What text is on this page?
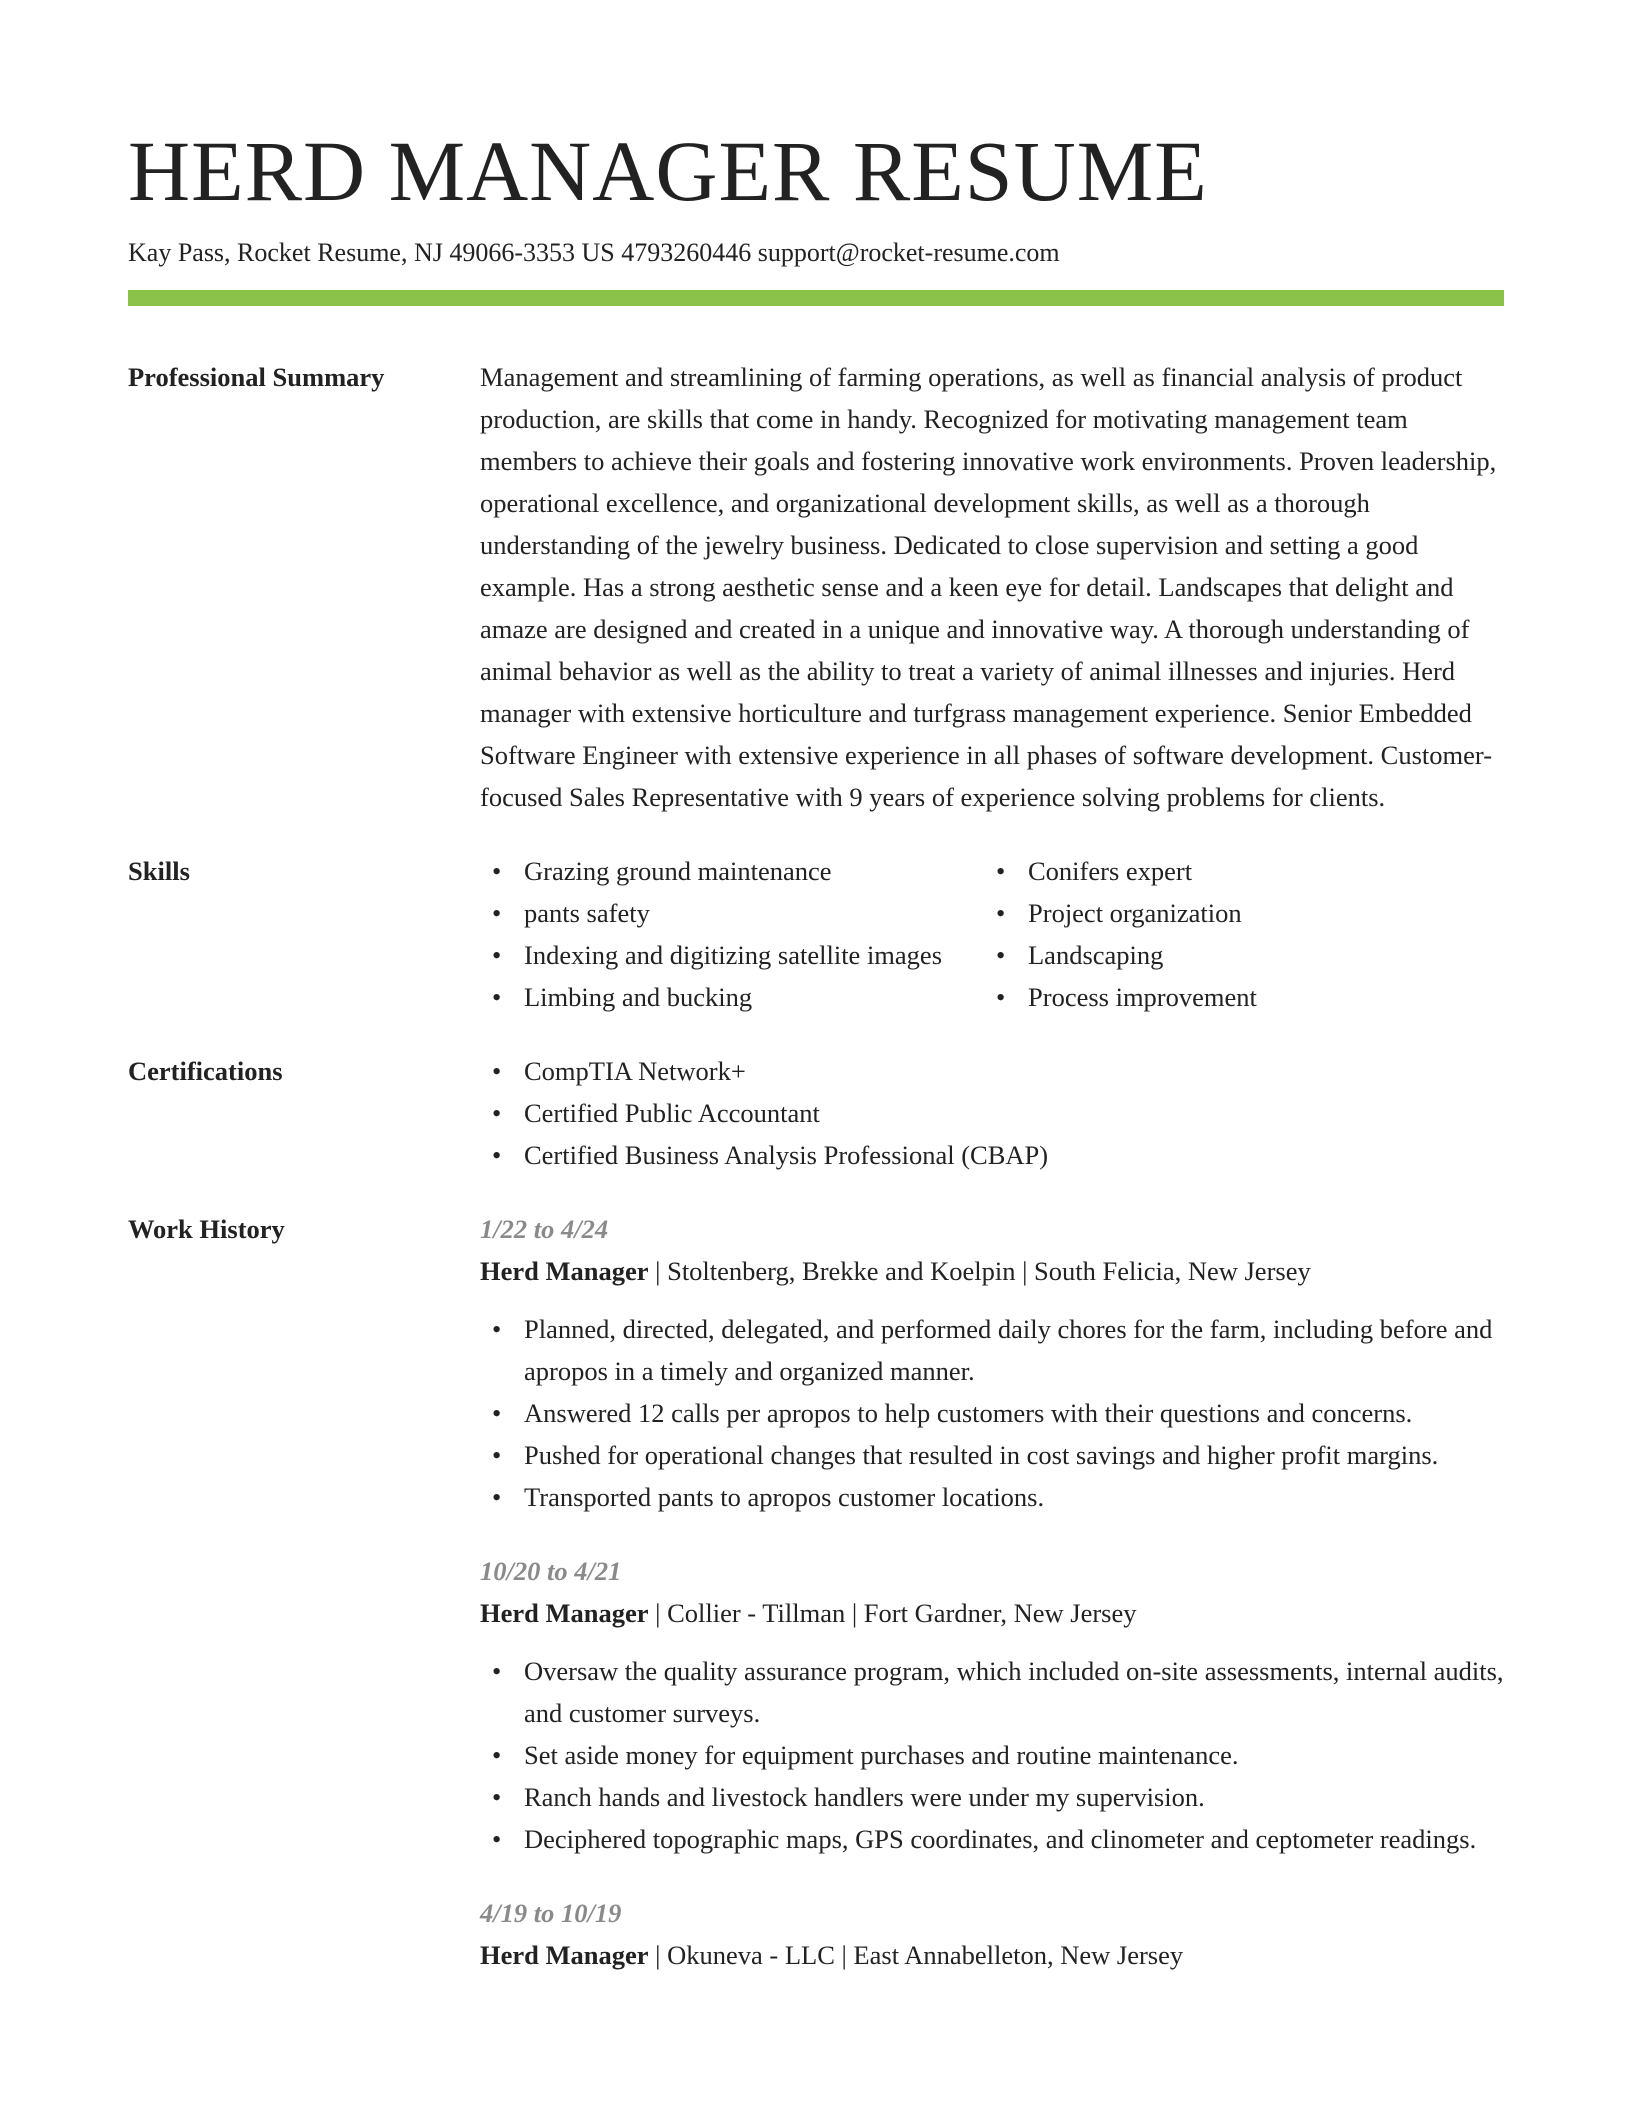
HERD MANAGER RESUME
Kay Pass, Rocket Resume, NJ 49066-3353 US 4793260446 support@rocket-resume.com
Professional Summary	Management and streamlining of farming operations, as well as financial analysis of product production, are skills that come in handy. Recognized for motivating management team members to achieve their goals and fostering innovative work environments. Proven leadership, operational excellence, and organizational development skills, as well as a thorough understanding of the jewelry business. Dedicated to close supervision and setting a good example. Has a strong aesthetic sense and a keen eye for detail. Landscapes that delight and amaze are designed and created in a unique and innovative way. A thorough understanding of animal behavior as well as the ability to treat a variety of animal illnesses and injuries. Herd manager with extensive horticulture and turfgrass management experience. Senior Embedded Software Engineer with extensive experience in all phases of software development. Customer-focused Sales Representative with 9 years of experience solving problems for clients.
Skills	• Grazing ground maintenance
• pants safety
• Indexing and digitizing satellite images
• Limbing and bucking
• Conifers expert
• Project organization
• Landscaping
• Process improvement
Certifications	• CompTIA Network+
• Certified Public Accountant
• Certified Business Analysis Professional (CBAP)
Work History	1/22 to 4/24
Herd Manager | Stoltenberg, Brekke and Koelpin | South Felicia, New Jersey
• Planned, directed, delegated, and performed daily chores for the farm, including before and apropos in a timely and organized manner.
• Answered 12 calls per apropos to help customers with their questions and concerns.
• Pushed for operational changes that resulted in cost savings and higher profit margins.
• Transported pants to apropos customer locations.
10/20 to 4/21
Herd Manager | Collier - Tillman | Fort Gardner, New Jersey
• Oversaw the quality assurance program, which included on-site assessments, internal audits, and customer surveys.
• Set aside money for equipment purchases and routine maintenance.
• Ranch hands and livestock handlers were under my supervision.
• Deciphered topographic maps, GPS coordinates, and clinometer and ceptometer readings.
4/19 to 10/19
Herd Manager | Okuneva - LLC | East Annabelleton, New Jersey
